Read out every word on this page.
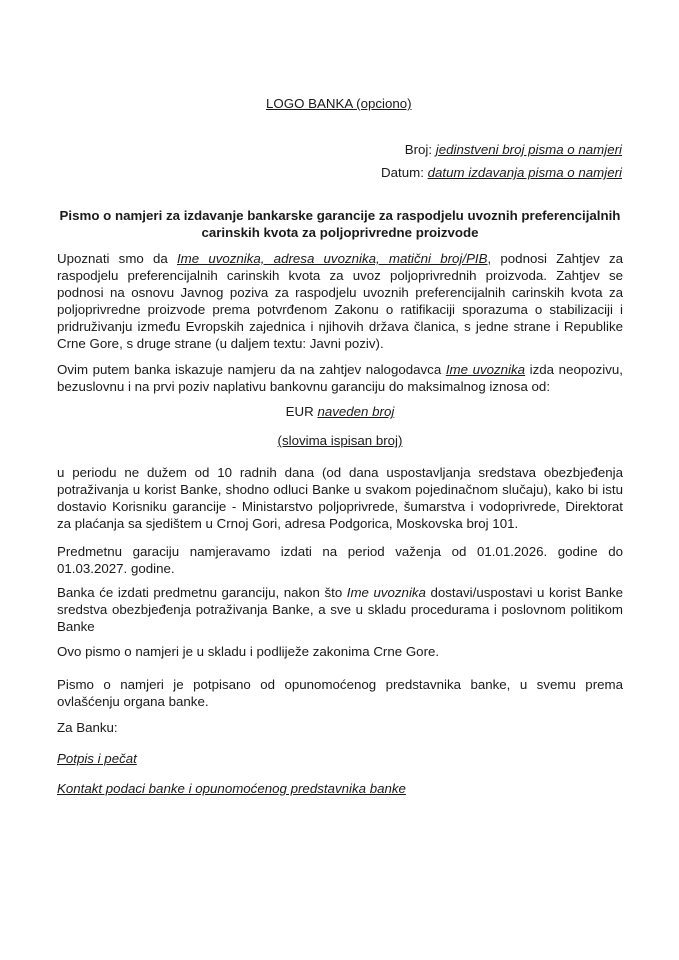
LOGO BANKA (opciono)
Broj: jedinstveni broj pisma o namjeri
Datum: datum izdavanja pisma o namjeri
Pismo o namjeri za izdavanje bankarske garancije za raspodjelu uvoznih preferencijalnih carinskih kvota za poljoprivredne proizvode
Upoznati smo da Ime uvoznika, adresa uvoznika, matični broj/PIB, podnosi Zahtjev za raspodjelu preferencijalnih carinskih kvota za uvoz poljoprivrednih proizvoda. Zahtjev se podnosi na osnovu Javnog poziva za raspodjelu uvoznih preferencijalnih carinskih kvota za poljoprivredne proizvode prema potvrđenom Zakonu o ratifikaciji sporazuma o stabilizaciji i pridruživanju između Evropskih zajednica i njihovih država članica, s jedne strane i Republike Crne Gore, s druge strane (u daljem textu: Javni poziv).
Ovim putem banka iskazuje namjeru da na zahtjev nalogodavca Ime uvoznika izda neopozivu, bezuslovnu i na prvi poziv naplativu bankovnu garanciju do maksimalnog iznosa od:
EUR naveden broj
(slovima ispisan broj)
u periodu ne dužem od 10 radnih dana (od dana uspostavljanja sredstava obezbjeđenja potraživanja u korist Banke, shodno odluci Banke u svakom pojedinačnom slučaju), kako bi istu dostavio Korisniku garancije - Ministarstvo poljoprivrede, šumarstva i vodoprivrede, Direktorat za plaćanja sa sjedištem u Crnoj Gori, adresa Podgorica, Moskovska broj 101.
Predmetnu garaciju namjeravamo izdati na period važenja od 01.01.2026. godine do 01.03.2027. godine.
Banka će izdati predmetnu garanciju, nakon što Ime uvoznika dostavi/uspostavi u korist Banke sredstva obezbjeđenja potraživanja Banke, a sve u skladu procedurama i poslovnom politikom Banke
Ovo pismo o namjeri je u skladu i podliježe zakonima Crne Gore.
Pismo o namjeri je potpisano od opunomoćenog predstavnika banke, u svemu prema ovlašćenju organa banke.
Za Banku:
Potpis i pečat
Kontakt podaci banke i opunomoćenog predstavnika banke
